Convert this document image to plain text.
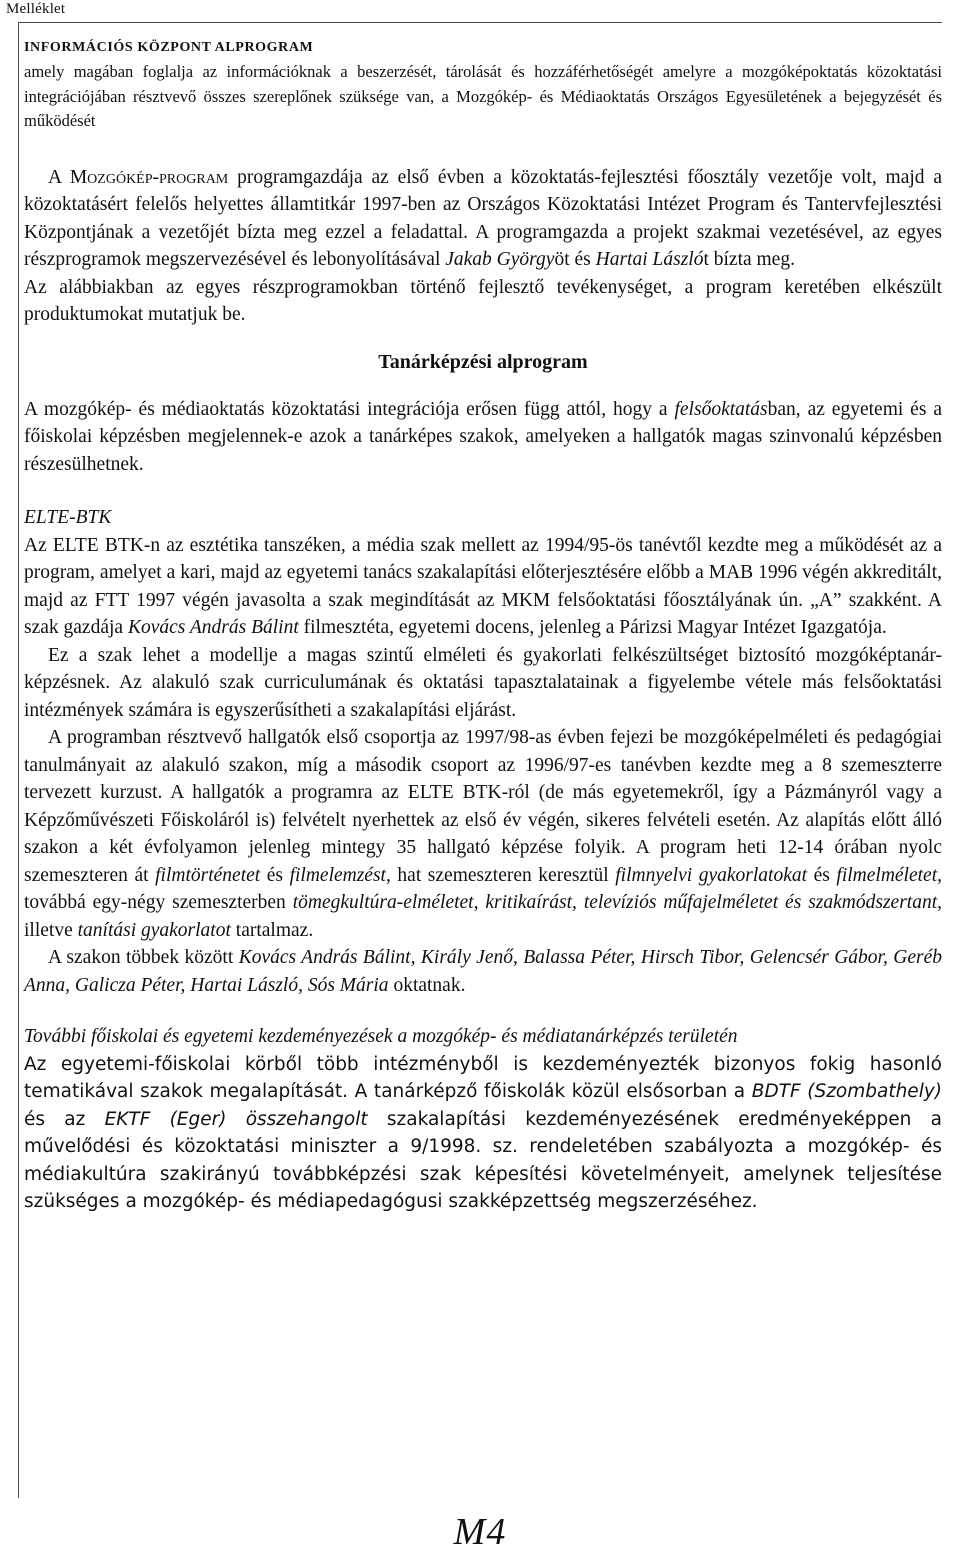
Melléklet

INFORMÁCIÓS KÖZPONT ALPROGRAM

amely magában foglalja az információknak a beszerzését, tárolását és hozzáférhetőségét amelyre a mozgóképoktatás közoktatási integrációjában résztvevő összes szereplőnek szüksége van, a Mozgókép- és Médiaoktatás Országos Egyesületének a bejegyzését és működését

A Mozgókép-program programgazdája az első évben a közoktatás-fejlesztési főosztály vezetője volt, majd a közoktatásért felelős helyettes államtitkár 1997-ben az Országos Közoktatási Intézet Program és Tantervfejlesztési Központjának a vezetőjét bízta meg ezzel a feladattal. A programgazda a projekt szakmai vezetésével, az egyes részprogramok megszervezésével és lebonyolításával Jakab Györgyöt és Hartai Lászlót bízta meg.

Az alábbiakban az egyes részprogramokban történő fejlesztő tevékenységet, a program keretében elkészült produktumokat mutatjuk be.

Tanárképzési alprogram

A mozgókép- és médiaoktatás közoktatási integrációja erősen függ attól, hogy a felsőoktatásban, az egyetemi és a főiskolai képzésben megjelennek-e azok a tanárképes szakok, amelyeken a hallgatók magas szinvonalú képzésben részesülhetnek.

ELTE-BTK

Az ELTE BTK-n az esztétika tanszéken, a média szak mellett az 1994/95-ös tanévtől kezdte meg a működését az a program, amelyet a kari, majd az egyetemi tanács szakalapítási előterjesztésére előbb a MAB 1996 végén akkreditált, majd az FTT 1997 végén javasolta a szak megindítását az MKM felsőoktatási főosztályának ún. „A” szakként. A szak gazdája Kovács András Bálint filmesztéta, egyetemi docens, jelenleg a Párizsi Magyar Intézet Igazgatója.

Ez a szak lehet a modellje a magas szintű elméleti és gyakorlati felkészültséget biztosító mozgóképtanár-képzésnek. Az alakuló szak curriculumának és oktatási tapasztalatainak a figyelembe vétele más felsőoktatási intézmények számára is egyszerűsítheti a szakalapítási eljárást.

A programban résztvevő hallgatók első csoportja az 1997/98-as évben fejezi be mozgóképelméleti és pedagógiai tanulmányait az alakuló szakon, míg a második csoport az 1996/97-es tanévben kezdte meg a 8 szemeszterre tervezett kurzust. A hallgatók a programra az ELTE BTK-ról (de más egyetemekről, így a Pázmányról vagy a Képzőművészeti Főiskoláról is) felvételt nyerhettek az első év végén, sikeres felvételi esetén. Az alapítás előtt álló szakon a két évfolyamon jelenleg mintegy 35 hallgató képzése folyik. A program heti 12-14 órában nyolc szemeszteren át filmtörténetet és filmelemzést, hat szemeszteren keresztül filmnyelvi gyakorlatokat és filmelméletet, továbbá egy-négy szemeszterben tömegkultúra-elméletet, kritikaírást, televíziós műfajelméletet és szakmódszertant, illetve tanítási gyakorlatot tartalmaz.

A szakon többek között Kovács András Bálint, Király Jenő, Balassa Péter, Hirsch Tibor, Gelencsér Gábor, Geréb Anna, Galicza Péter, Hartai László, Sós Mária oktatnak.

További főiskolai és egyetemi kezdeményezések a mozgókép- és médiatanárképzés területén

Az egyetemi-főiskolai körből több intézményből is kezdeményezték bizonyos fokig hasonló tematikával szakok megalapítását. A tanárképző főiskolák közül elsősorban a BDTF (Szombathely) és az EKTF (Eger) összehangolt szakalapítási kezdeményezésének eredményeképpen a művelődési és közoktatási miniszter a 9/1998. sz. rendeletében szabályozta a mozgókép- és médiakultúra szakirányú továbbképzési szak képesítési követelményeit, amelynek teljesítése szükséges a mozgókép- és médiapedagógusi szakképzettség megszerzéséhez.

M4
